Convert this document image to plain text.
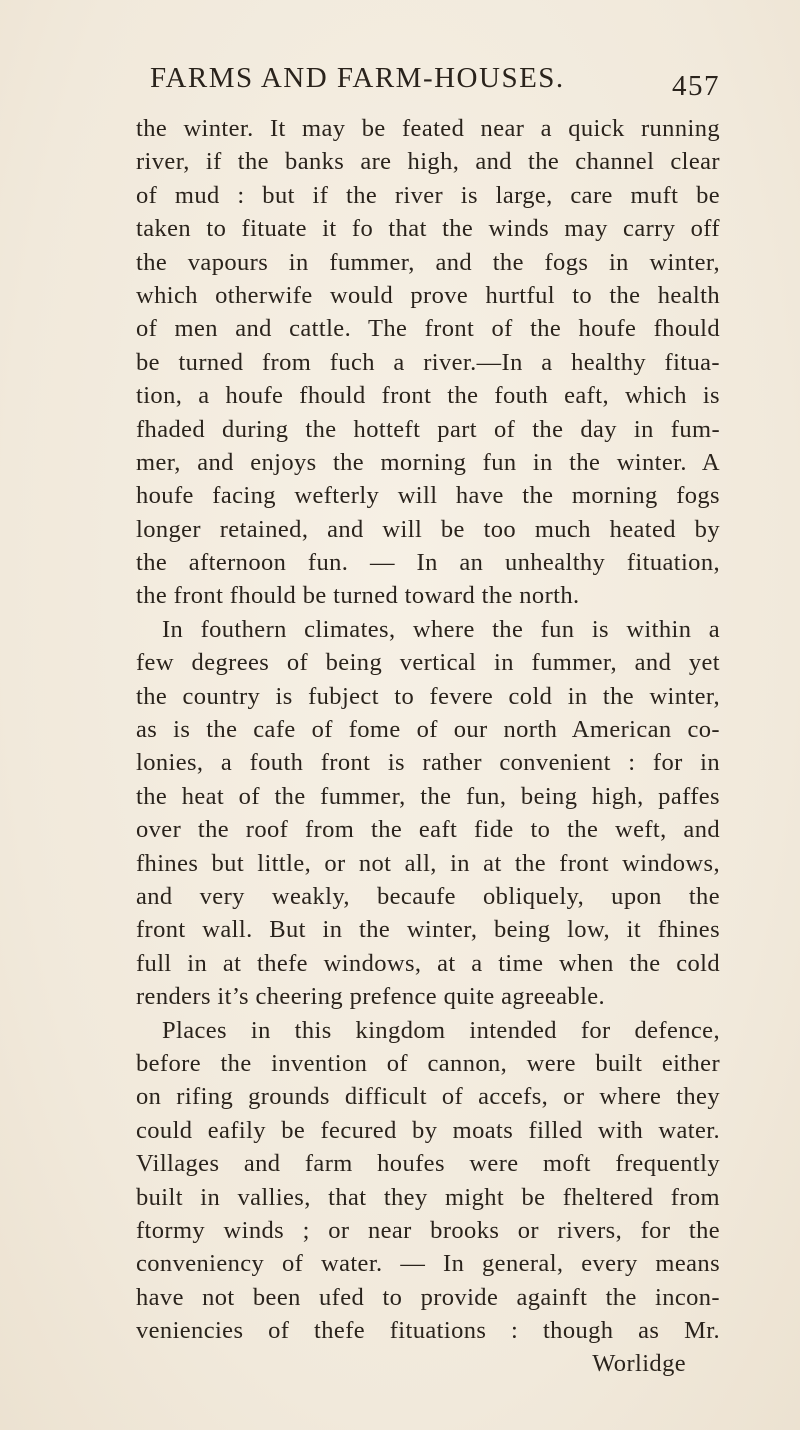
FARMS AND FARM-HOUSES.	457
the winter. It may be feated near a quick running
river, if the banks are high, and the channel clear
of mud : but if the river is large, care muft be
taken to fituate it fo that the winds may carry off
the vapours in fummer, and the fogs in winter,
which otherwife would prove hurtful to the health
of men and cattle. The front of the houfe fhould
be turned from fuch a river.—In a healthy fitua-
tion, a houfe fhould front the fouth eaft, which is
fhaded during the hotteft part of the day in fum-
mer, and enjoys the morning fun in the winter. A
houfe facing wefterly will have the morning fogs
longer retained, and will be too much heated by
the afternoon fun. — In an unhealthy fituation,
the front fhould be turned toward the north.
In fouthern climates, where the fun is within a
few degrees of being vertical in fummer, and yet
the country is fubject to fevere cold in the winter,
as is the cafe of fome of our north American co-
lonies, a fouth front is rather convenient : for in
the heat of the fummer, the fun, being high, paffes
over the roof from the eaft fide to the weft, and
fhines but little, or not all, in at the front windows,
and very weakly, becaufe obliquely, upon the
front wall. But in the winter, being low, it fhines
full in at thefe windows, at a time when the cold
renders it’s cheering prefence quite agreeable.
Places in this kingdom intended for defence,
before the invention of cannon, were built either
on rifing grounds difficult of accefs, or where they
could eafily be fecured by moats filled with water.
Villages and farm houfes were moft frequently
built in vallies, that they might be fheltered from
ftormy winds ; or near brooks or rivers, for the
conveniency of water. — In general, every means
have not been ufed to provide againft the incon-
veniencies of thefe fituations : though as Mr.
Worlidge
